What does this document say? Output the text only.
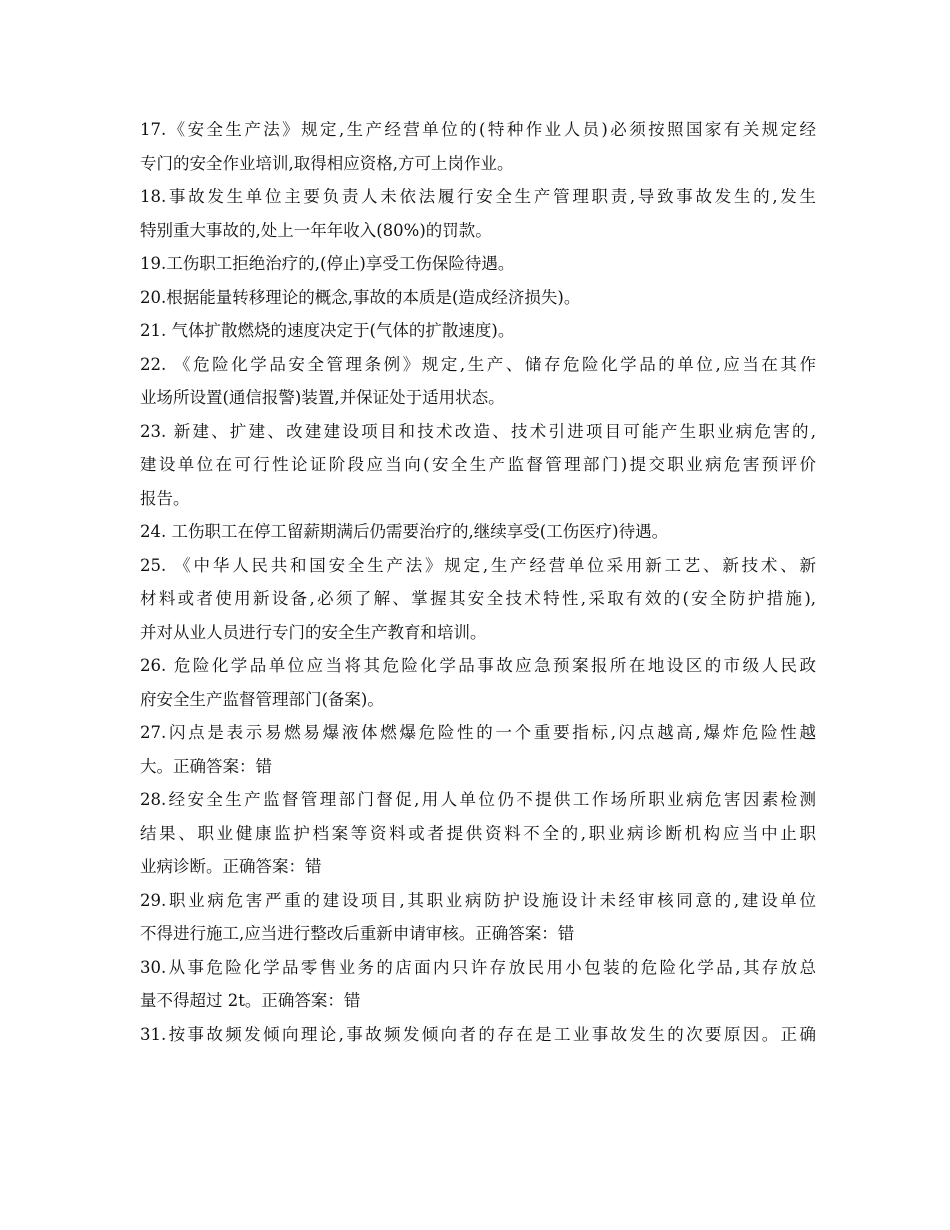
17.《安全生产法》规定,生产经营单位的(特种作业人员)必须按照国家有关规定经
专门的安全作业培训,取得相应资格,方可上岗作业。
18.事故发生单位主要负责人未依法履行安全生产管理职责,导致事故发生的,发生
特别重大事故的,处上一年年收入(80%)的罚款。
19.工伤职工拒绝治疗的,(停止)享受工伤保险待遇。
20.根据能量转移理论的概念,事故的本质是(造成经济损失)。
21. 气体扩散燃烧的速度决定于(气体的扩散速度)。
22. 《危险化学品安全管理条例》规定,生产、储存危险化学品的单位,应当在其作
业场所设置(通信报警)装置,并保证处于适用状态。
23. 新建、扩建、改建建设项目和技术改造、技术引进项目可能产生职业病危害的,
建设单位在可行性论证阶段应当向(安全生产监督管理部门)提交职业病危害预评价
报告。
24. 工伤职工在停工留薪期满后仍需要治疗的,继续享受(工伤医疗)待遇。
25. 《中华人民共和国安全生产法》规定,生产经营单位采用新工艺、新技术、新
材料或者使用新设备,必须了解、掌握其安全技术特性,采取有效的(安全防护措施),
并对从业人员进行专门的安全生产教育和培训。
26. 危险化学品单位应当将其危险化学品事故应急预案报所在地设区的市级人民政
府安全生产监督管理部门(备案)。
27.闪点是表示易燃易爆液体燃爆危险性的一个重要指标,闪点越高,爆炸危险性越
大。正确答案：错
28.经安全生产监督管理部门督促,用人单位仍不提供工作场所职业病危害因素检测
结果、职业健康监护档案等资料或者提供资料不全的,职业病诊断机构应当中止职
业病诊断。正确答案：错
29.职业病危害严重的建设项目,其职业病防护设施设计未经审核同意的,建设单位
不得进行施工,应当进行整改后重新申请审核。正确答案：错
30.从事危险化学品零售业务的店面内只许存放民用小包装的危险化学品,其存放总
量不得超过 2t。正确答案：错
31.按事故频发倾向理论,事故频发倾向者的存在是工业事故发生的次要原因。正确
